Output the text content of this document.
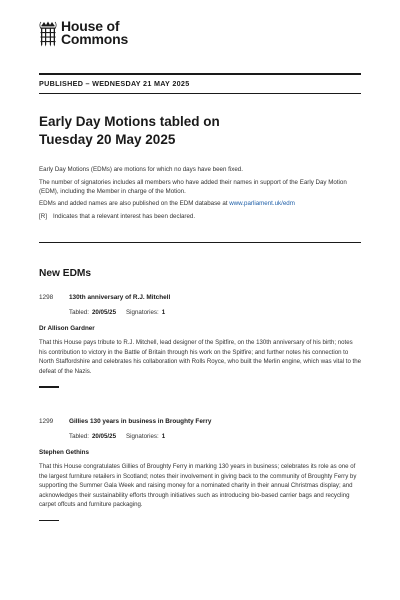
House of
Commons
PUBLISHED – WEDNESDAY 21 MAY 2025
Early Day Motions tabled on
Tuesday 20 May 2025

Early Day Motions (EDMs) are motions for which no days have been fixed.

The number of signatories includes all members who have added their names in support of the Early Day Motion (EDM), including the Member in charge of the Motion.

EDMs and added names are also published on the EDM database at www.parliament.uk/edm

[R] Indicates that a relevant interest has been declared.

New EDMs
1298	130th anniversary of R.J. Mitchell
Tabled: 20/05/25 Signatories: 1
Dr Allison Gardner
That this House pays tribute to R.J. Mitchell, lead designer of the Spitfire, on the 130th anniversary of his birth; notes his contribution to victory in the Battle of Britain through his work on the Spitfire; and further notes his connection to North Staffordshire and celebrates his collaboration with Rolls Royce, who built the Merlin engine, which was vital to the defeat of the Nazis.
1299	Gillies 130 years in business in Broughty Ferry
Tabled: 20/05/25 Signatories: 1
Stephen Gethins
That this House congratulates Gillies of Broughty Ferry in marking 130 years in business; celebrates its role as one of the largest furniture retailers in Scotland; notes their involvement in giving back to the community of Broughty Ferry by supporting the Summer Gala Week and raising money for a nominated charity in their annual Christmas display; and acknowledges their sustainability efforts through initiatives such as introducing bio-based carrier bags and recycling carpet offcuts and furniture packaging.
